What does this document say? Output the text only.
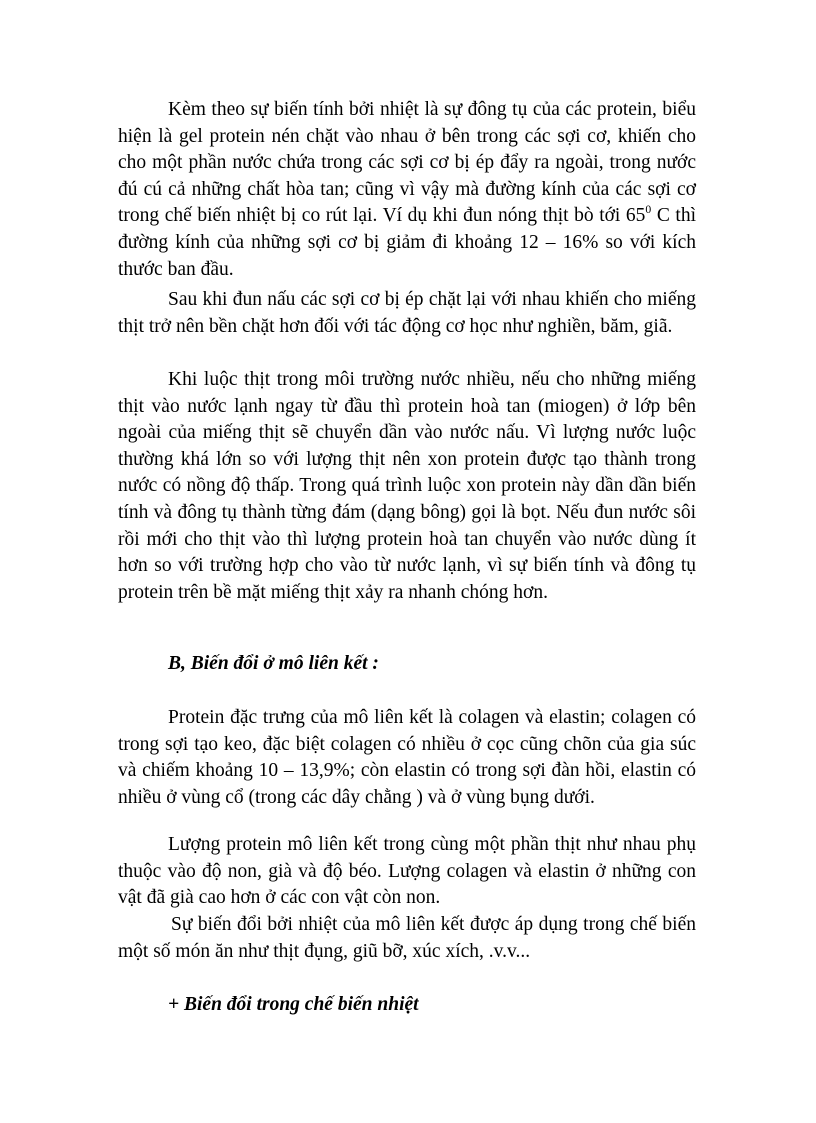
Kèm theo sự biến tính bởi nhiệt là sự đông tụ của các protein, biểu hiện là gel protein nén chặt vào nhau ở bên trong các sợi cơ, khiến cho cho một phần nước chứa trong các sợi cơ bị ép đẩy ra ngoài, trong nước đú cú cả những chất hòa tan; cũng vì vậy mà đường kính của các sợi cơ trong chế biến nhiệt bị co rút lại. Ví dụ khi đun nóng thịt bò tới $65^0$ C thì đường kính của những sợi cơ bị giảm đi khoảng 12 – 16% so với kích thước ban đầu.

Sau khi đun nấu các sợi cơ bị ép chặt lại với nhau khiến cho miếng thịt trở nên bền chặt hơn đối với tác động cơ học như nghiền, băm, giã.

Khi luộc thịt trong môi trường nước nhiều, nếu cho những miếng thịt vào nước lạnh ngay từ đầu thì protein hoà tan (miogen) ở lớp bên ngoài của miếng thịt sẽ chuyển dần vào nước nấu. Vì lượng nước luộc thường khá lớn so với lượng thịt nên xon protein được tạo thành trong nước có nồng độ thấp. Trong quá trình luộc xon protein này dần dần biến tính và đông tụ thành từng đám (dạng bông) gọi là bọt. Nếu đun nước sôi rồi mới cho thịt vào thì lượng protein hoà tan chuyển vào nước dùng ít hơn so với trường hợp cho vào từ nước lạnh, vì sự biến tính và đông tụ protein trên bề mặt miếng thịt xảy ra nhanh chóng hơn.

B, Biến đổi ở mô liên kết :

Protein đặc trưng của mô liên kết là colagen và elastin; colagen có trong sợi tạo keo, đặc biệt colagen có nhiều ở cọc cũng chõn của gia súc và chiếm khoảng 10 – 13,9%; còn elastin có trong sợi đàn hồi, elastin có nhiều ở vùng cổ (trong các dây chằng ) và ở vùng bụng dưới.

Lượng protein mô liên kết trong cùng một phần thịt như nhau phụ thuộc vào độ non, già và độ béo. Lượng colagen và elastin ở những con vật đã già cao hơn ở các con vật còn non.

Sự biến đổi bởi nhiệt của mô liên kết được áp dụng trong chế biến một số món ăn như thịt đụng, giũ bỡ, xúc xích, .v.v...

+ Biến đổi trong chế biến nhiệt
